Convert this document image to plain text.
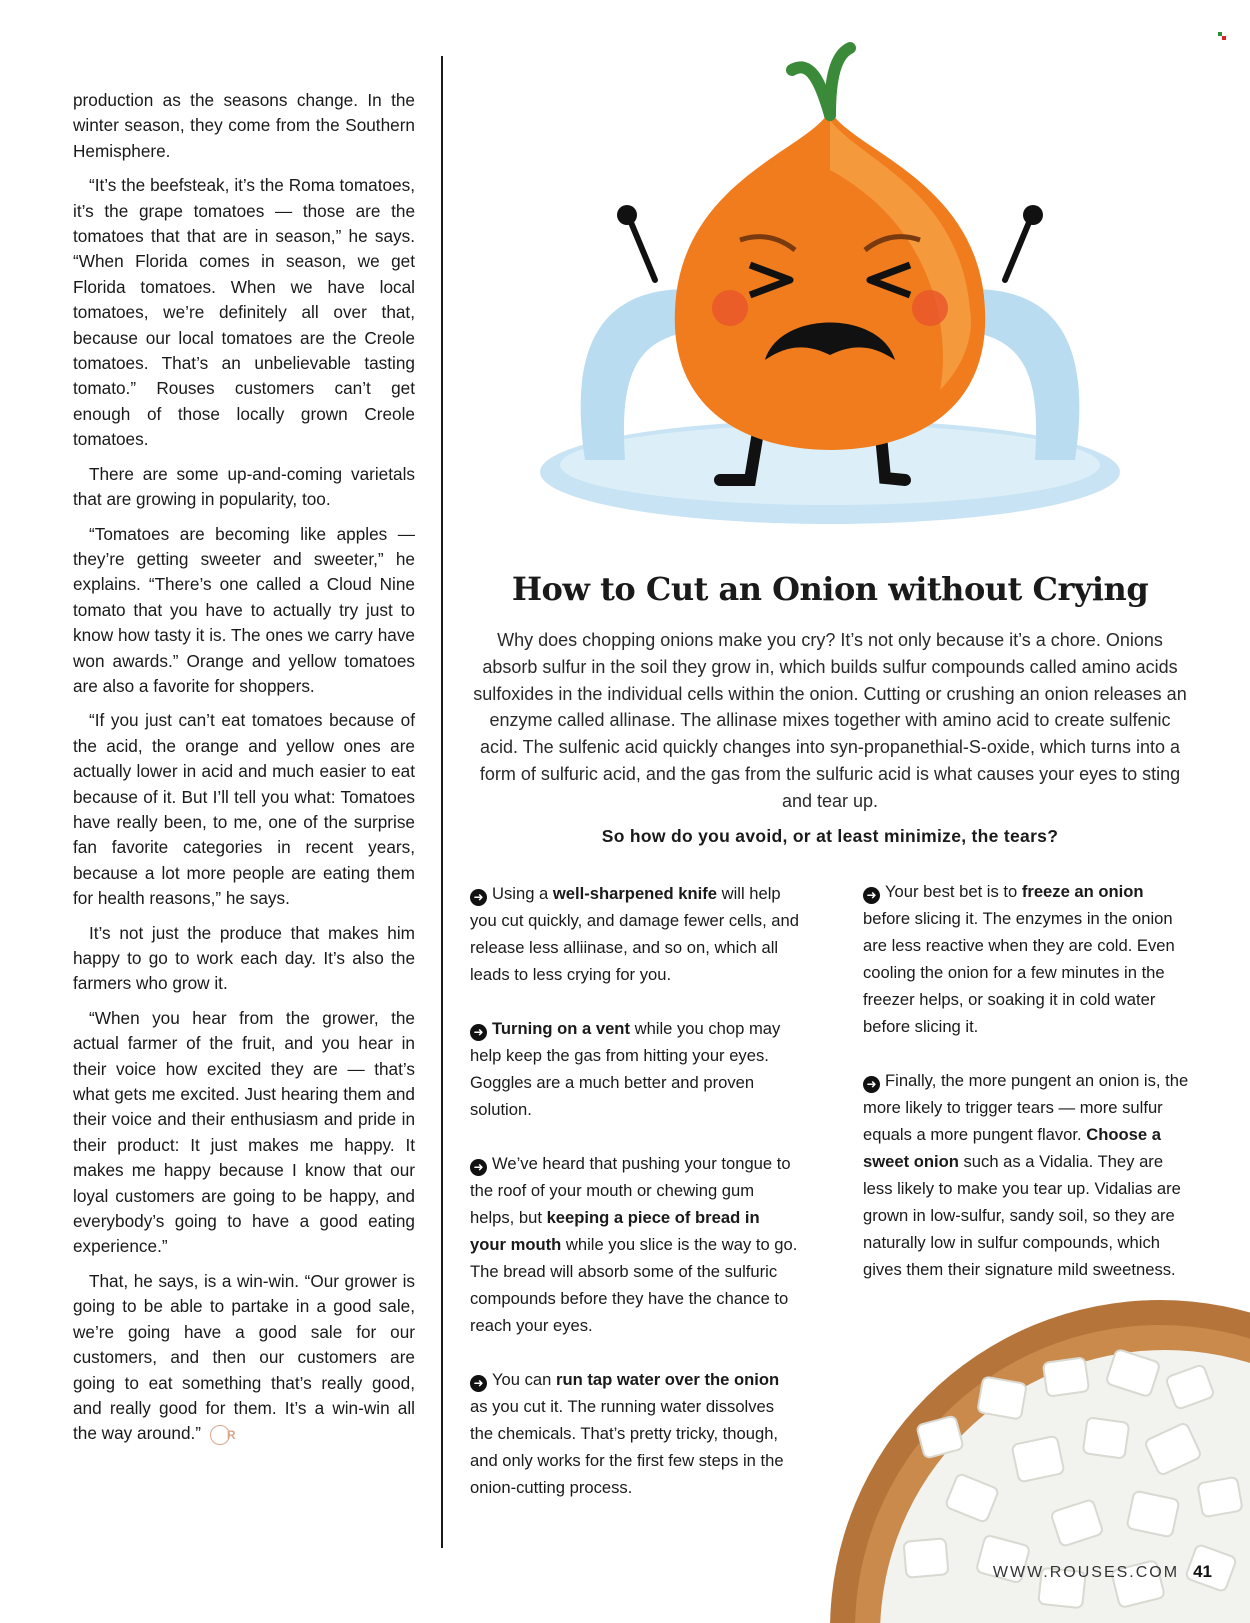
production as the seasons change. In the winter season, they come from the Southern Hemisphere.

“It’s the beefsteak, it’s the Roma tomatoes, it’s the grape tomatoes — those are the tomatoes that that are in season,” he says. “When Florida comes in season, we get Florida tomatoes. When we have local tomatoes, we’re definitely all over that, because our local tomatoes are the Creole tomatoes. That’s an unbelievable tasting tomato.” Rouses customers can’t get enough of those locally grown Creole tomatoes.

There are some up-and-coming varietals that are growing in popularity, too.

“Tomatoes are becoming like apples — they’re getting sweeter and sweeter,” he explains. “There’s one called a Cloud Nine tomato that you have to actually try just to know how tasty it is. The ones we carry have won awards.” Orange and yellow tomatoes are also a favorite for shoppers.

“If you just can’t eat tomatoes because of the acid, the orange and yellow ones are actually lower in acid and much easier to eat because of it. But I’ll tell you what: Tomatoes have really been, to me, one of the surprise fan favorite categories in recent years, because a lot more people are eating them for health reasons,” he says.

It’s not just the produce that makes him happy to go to work each day. It’s also the farmers who grow it.

“When you hear from the grower, the actual farmer of the fruit, and you hear in their voice how excited they are — that’s what gets me excited. Just hearing them and their voice and their enthusiasm and pride in their product: It just makes me happy. It makes me happy because I know that our loyal customers are going to be happy, and everybody’s going to have a good eating experience.”

That, he says, is a win-win. “Our grower is going to be able to partake in a good sale, we’re going have a good sale for our customers, and then our customers are going to eat something that’s really good, and really good for them. It’s a win-win all the way around.” R

How to Cut an Onion without Crying
Why does chopping onions make you cry? It’s not only because it’s a chore. Onions absorb sulfur in the soil they grow in, which builds sulfur compounds called amino acids sulfoxides in the individual cells within the onion. Cutting or crushing an onion releases an enzyme called allinase. The allinase mixes together with amino acid to create sulfenic acid. The sulfenic acid quickly changes into syn-propanethial-S-oxide, which turns into a form of sulfuric acid, and the gas from the sulfuric acid is what causes your eyes to sting and tear up.
So how do you avoid, or at least minimize, the tears?
➜ Using a well-sharpened knife will help you cut quickly, and damage fewer cells, and release less alliinase, and so on, which all leads to less crying for you.
➜ Turning on a vent while you chop may help keep the gas from hitting your eyes. Goggles are a much better and proven solution.
➜ We’ve heard that pushing your tongue to the roof of your mouth or chewing gum helps, but keeping a piece of bread in your mouth while you slice is the way to go. The bread will absorb some of the sulfuric compounds before they have the chance to reach your eyes.
➜ You can run tap water over the onion as you cut it. The running water dissolves the chemicals. That’s pretty tricky, though, and only works for the first few steps in the onion-cutting process.
➜ Your best bet is to freeze an onion before slicing it. The enzymes in the onion are less reactive when they are cold. Even cooling the onion for a few minutes in the freezer helps, or soaking it in cold water before slicing it.
➜ Finally, the more pungent an onion is, the more likely to trigger tears — more sulfur equals a more pungent flavor. Choose a sweet onion such as a Vidalia. They are less likely to make you tear up. Vidalias are grown in low-sulfur, sandy soil, so they are naturally low in sulfur compounds, which gives them their signature mild sweetness.
WWW.ROUSES.COM 41
